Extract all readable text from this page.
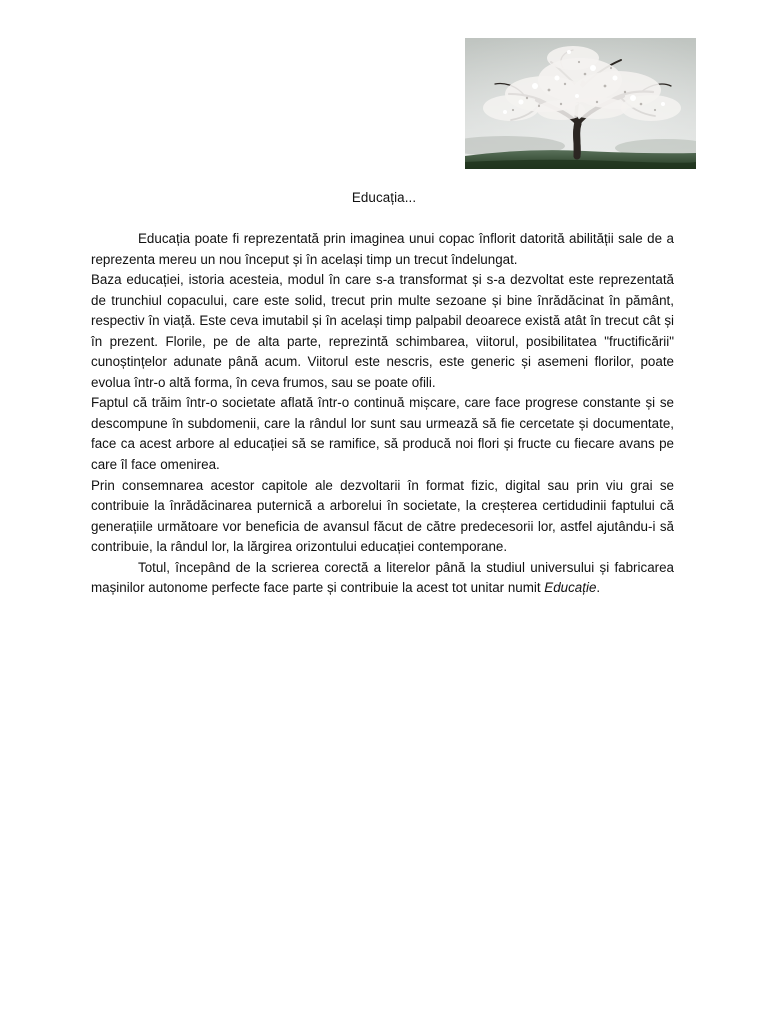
Educația...

Educația poate fi reprezentată prin imaginea unui copac înflorit datorită abilității sale de a reprezenta mereu un nou început și în același timp un trecut îndelungat.

Baza educației, istoria acesteia, modul în care s-a transformat și s-a dezvoltat este reprezentată de trunchiul copacului, care este solid, trecut prin multe sezoane și bine înrădăcinat în pământ, respectiv în viață. Este ceva imutabil și în același timp palpabil deoarece există atât în trecut cât și în prezent. Florile, pe de alta parte, reprezintă schimbarea, viitorul, posibilitatea "fructificării" cunoștințelor adunate până acum. Viitorul este nescris, este generic și asemeni florilor, poate evolua într-o altă forma, în ceva frumos, sau se poate ofili.

Faptul că trăim într-o societate aflată într-o continuă mișcare, care face progrese constante și se descompune în subdomenii, care la rândul lor sunt sau urmează să fie cercetate și documentate, face ca acest arbore al educației să se ramifice, să producă noi flori și fructe cu fiecare avans pe care îl face omenirea.

Prin consemnarea acestor capitole ale dezvoltarii în format fizic, digital sau prin viu grai se contribuie la înrădăcinarea puternică a arborelui în societate, la creșterea certidudinii faptului că generațiile următoare vor beneficia de avansul făcut de către predecesorii lor, astfel ajutându-i să contribuie, la rândul lor, la lărgirea orizontului educației contemporane.

Totul, începând de la scrierea corectă a literelor până la studiul universului și fabricarea mașinilor autonome perfecte face parte și contribuie la acest tot unitar numit Educație.
